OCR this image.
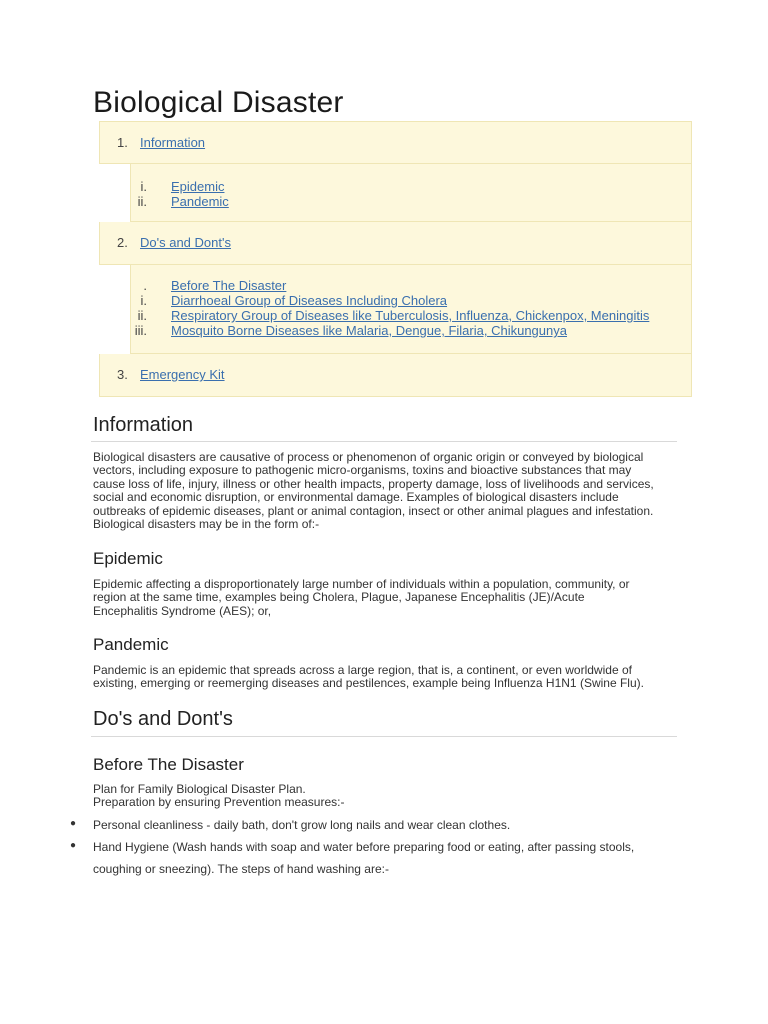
Biological Disaster
1. Information
i. Epidemic
ii. Pandemic
2. Do's and Dont's
. Before The Disaster
i. Diarrhoeal Group of Diseases Including Cholera
ii. Respiratory Group of Diseases like Tuberculosis, Influenza, Chickenpox, Meningitis
iii. Mosquito Borne Diseases like Malaria, Dengue, Filaria, Chikungunya
3. Emergency Kit
Information
Biological disasters are causative of process or phenomenon of organic origin or conveyed by biological
vectors, including exposure to pathogenic micro-organisms, toxins and bioactive substances that may
cause loss of life, injury, illness or other health impacts, property damage, loss of livelihoods and services,
social and economic disruption, or environmental damage. Examples of biological disasters include
outbreaks of epidemic diseases, plant or animal contagion, insect or other animal plagues and infestation.
Biological disasters may be in the form of:-
Epidemic
Epidemic affecting a disproportionately large number of individuals within a population, community, or
region at the same time, examples being Cholera, Plague, Japanese Encephalitis (JE)/Acute
Encephalitis Syndrome (AES); or,
Pandemic
Pandemic is an epidemic that spreads across a large region, that is, a continent, or even worldwide of
existing, emerging or reemerging diseases and pestilences, example being Influenza H1N1 (Swine Flu).
Do's and Dont's
Before The Disaster
Plan for Family Biological Disaster Plan.
Preparation by ensuring Prevention measures:-
● Personal cleanliness - daily bath, don't grow long nails and wear clean clothes.
● Hand Hygiene (Wash hands with soap and water before preparing food or eating, after passing stools,
coughing or sneezing). The steps of hand washing are:-
